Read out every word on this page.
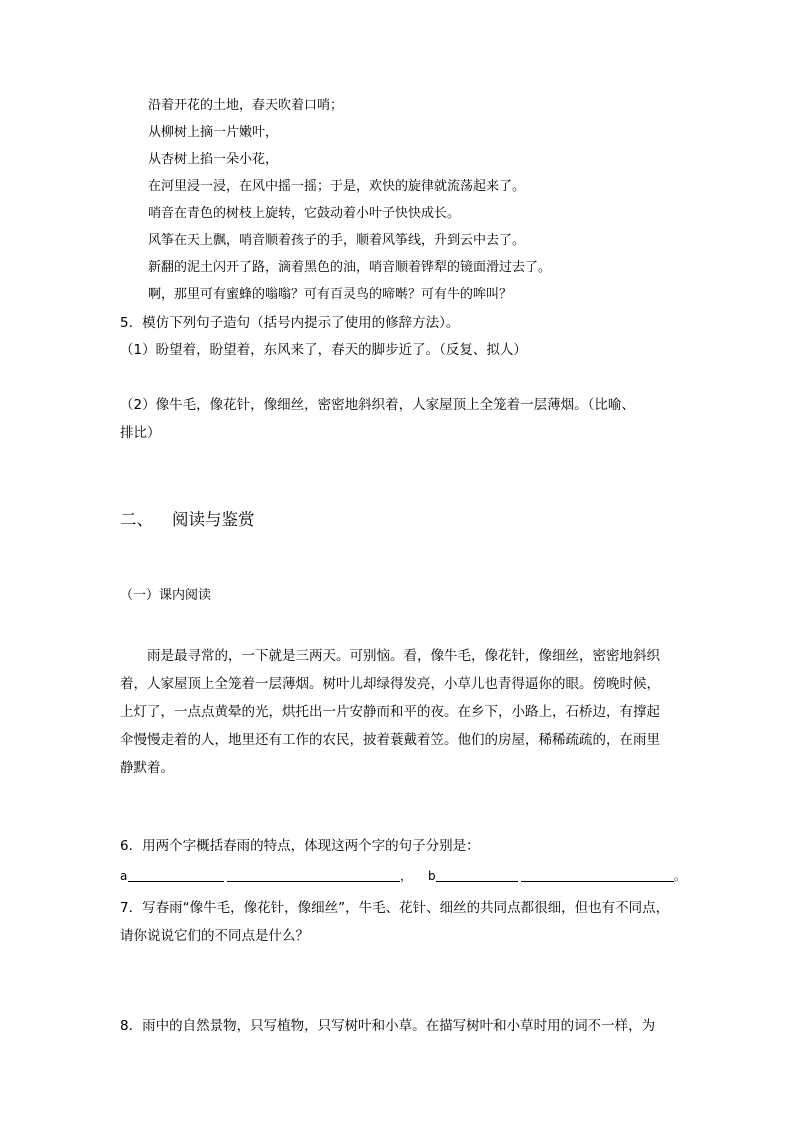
沿着开花的土地，春天吹着口哨；
从柳树上摘一片嫩叶，
从杏树上掐一朵小花，
在河里浸一浸，在风中摇一摇；于是，欢快的旋律就流荡起来了。
哨音在青色的树枝上旋转，它鼓动着小叶子快快成长。
风筝在天上飘，哨音顺着孩子的手，顺着风筝线，升到云中去了。
新翻的泥土闪开了路，滴着黑色的油，哨音顺着铧犁的镜面滑过去了。
啊，那里可有蜜蜂的嗡嗡？可有百灵鸟的啼啭？可有牛的哞叫？
5．模仿下列句子造句（括号内提示了使用的修辞方法）。
（1）盼望着，盼望着，东风来了，春天的脚步近了。（反复、拟人）
（2）像牛毛，像花针，像细丝，密密地斜织着，人家屋顶上全笼着一层薄烟。（比喻、
排比）
二、 阅读与鉴赏
（一）课内阅读
　　雨是最寻常的，一下就是三两天。可别恼。看，像牛毛，像花针，像细丝，密密地斜织
着，人家屋顶上全笼着一层薄烟。树叶儿却绿得发亮，小草儿也青得逼你的眼。傍晚时候，
上灯了，一点点黄晕的光，烘托出一片安静而和平的夜。在乡下，小路上，石桥边，有撑起
伞慢慢走着的人，地里还有工作的农民，披着蓑戴着笠。他们的房屋，稀稀疏疏的，在雨里
静默着。
6．用两个字概括春雨的特点，体现这两个字的句子分别是：
a	， b	。
7．写春雨“像牛毛，像花针，像细丝”，牛毛、花针、细丝的共同点都很细，但也有不同点，
请你说说它们的不同点是什么？
8．雨中的自然景物，只写植物，只写树叶和小草。在描写树叶和小草时用的词不一样，为
